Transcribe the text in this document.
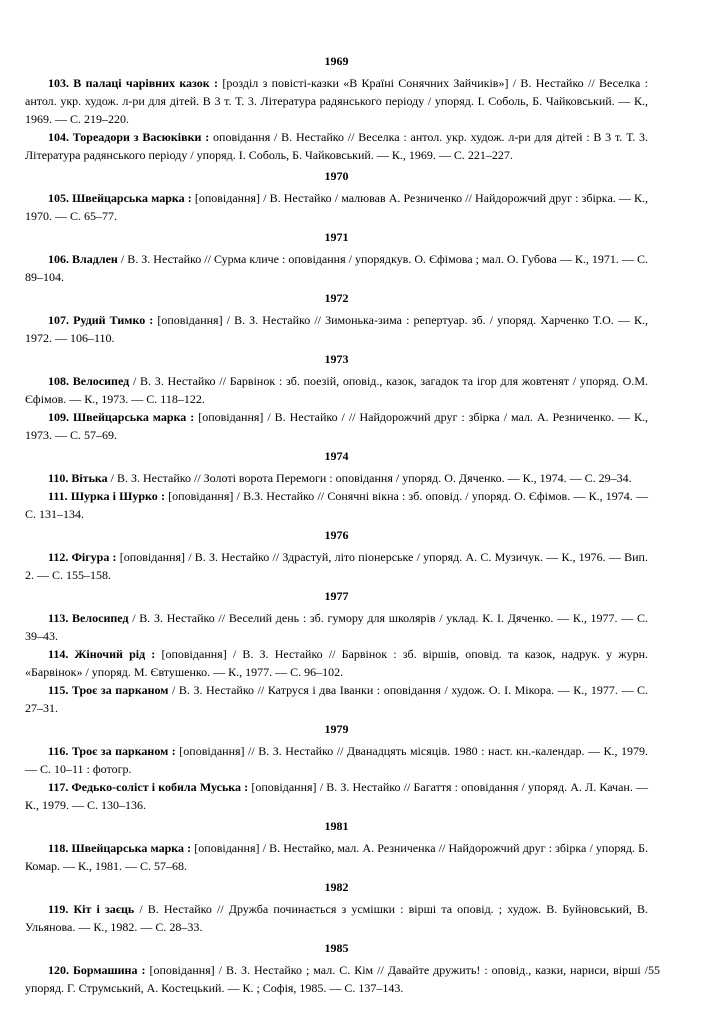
1969

103. В палаці чарівних казок : [розділ з повісті-казки «В Країні Сонячних Зайчиків»] / В. Нестайко // Веселка : антол. укр. худож. л-ри для дітей. В 3 т. Т. 3. Література радянського періоду / упоряд. І. Соболь, Б. Чайковський. — К., 1969. — С. 219–220.

104. Тореадори з Васюківки : оповідання / В. Нестайко // Веселка : антол. укр. худож. л-ри для дітей : В 3 т. Т. 3. Література радянського періоду / упоряд. І. Соболь, Б. Чайковський. — К., 1969. — С. 221–227.

1970

105. Швейцарська марка : [оповідання] / В. Нестайко / малював А. Резниченко // Найдорожчий друг : збірка. — К., 1970. — С. 65–77.

1971

106. Владлен / В. З. Нестайко // Сурма кличе : оповідання / упорядкув. О. Єфімова ; мал. О. Губова — К., 1971. — С. 89–104.

1972

107. Рудий Тимко : [оповідання] / В. З. Нестайко // Зимонька-зима : репертуар. зб. / упоряд. Харченко Т.О. — К., 1972. — 106–110.

1973

108. Велосипед / В. З. Нестайко // Барвінок : зб. поезій, оповід., казок, загадок та ігор для жовтенят / упоряд. О.М. Єфімов. — К., 1973. — С. 118–122.

109. Швейцарська марка : [оповідання] / В. Нестайко / // Найдорожчий друг : збірка / мал. А. Резниченко. — К., 1973. — С. 57–69.

1974

110. Вітька / В. З. Нестайко // Золоті ворота Перемоги : оповідання / упоряд. О. Дяченко. — К., 1974. — С. 29–34.

111. Шурка і Шурко : [оповідання] / В.З. Нестайко // Сонячні вікна : зб. оповід. / упоряд. О. Єфімов. — К., 1974. — С. 131–134.

1976

112. Фігура : [оповідання] / В. З. Нестайко // Здрастуй, літо піонерське / упоряд. А. С. Музичук. — К., 1976. — Вип. 2. — С. 155–158.

1977

113. Велосипед / В. З. Нестайко // Веселий день : зб. гумору для школярів / уклад. К. І. Дяченко. — К., 1977. — С. 39–43.

114. Жіночий рід : [оповідання] / В. З. Нестайко // Барвінок : зб. віршів, оповід. та казок, надрук. у журн. «Барвінок» / упоряд. М. Євтушенко. — К., 1977. — С. 96–102.

115. Троє за парканом / В. З. Нестайко // Катруся і два Іванки : оповідання / худож. О. І. Мікора. — К., 1977. — С. 27–31.

1979

116. Троє за парканом : [оповідання] // В. З. Нестайко // Дванадцять місяців. 1980 : наст. кн.-календар. — К., 1979. — С. 10–11 : фотогр.

117. Федько-соліст і кобила Муська : [оповідання] / В. З. Нестайко // Багаття : оповідання / упоряд. А. Л. Качан. — К., 1979. — С. 130–136.

1981

118. Швейцарська марка : [оповідання] / В. Нестайко, мал. А. Резниченка // Найдорожчий друг : збірка / упоряд. Б. Комар. — К., 1981. — С. 57–68.

1982

119. Кіт і заєць / В. Нестайко // Дружба починається з усмішки : вірші та оповід. ; худож. В. Буйновський, В. Ульянова. — К., 1982. — С. 28–33.

1985

120. Бормашина : [оповідання] / В. З. Нестайко ; мал. С. Кім // Давайте дружить! : оповід., казки, нариси, вірші / упоряд. Г. Струмський, А. Костецький. — К. ; Софія, 1985. — С. 137–143.

55
